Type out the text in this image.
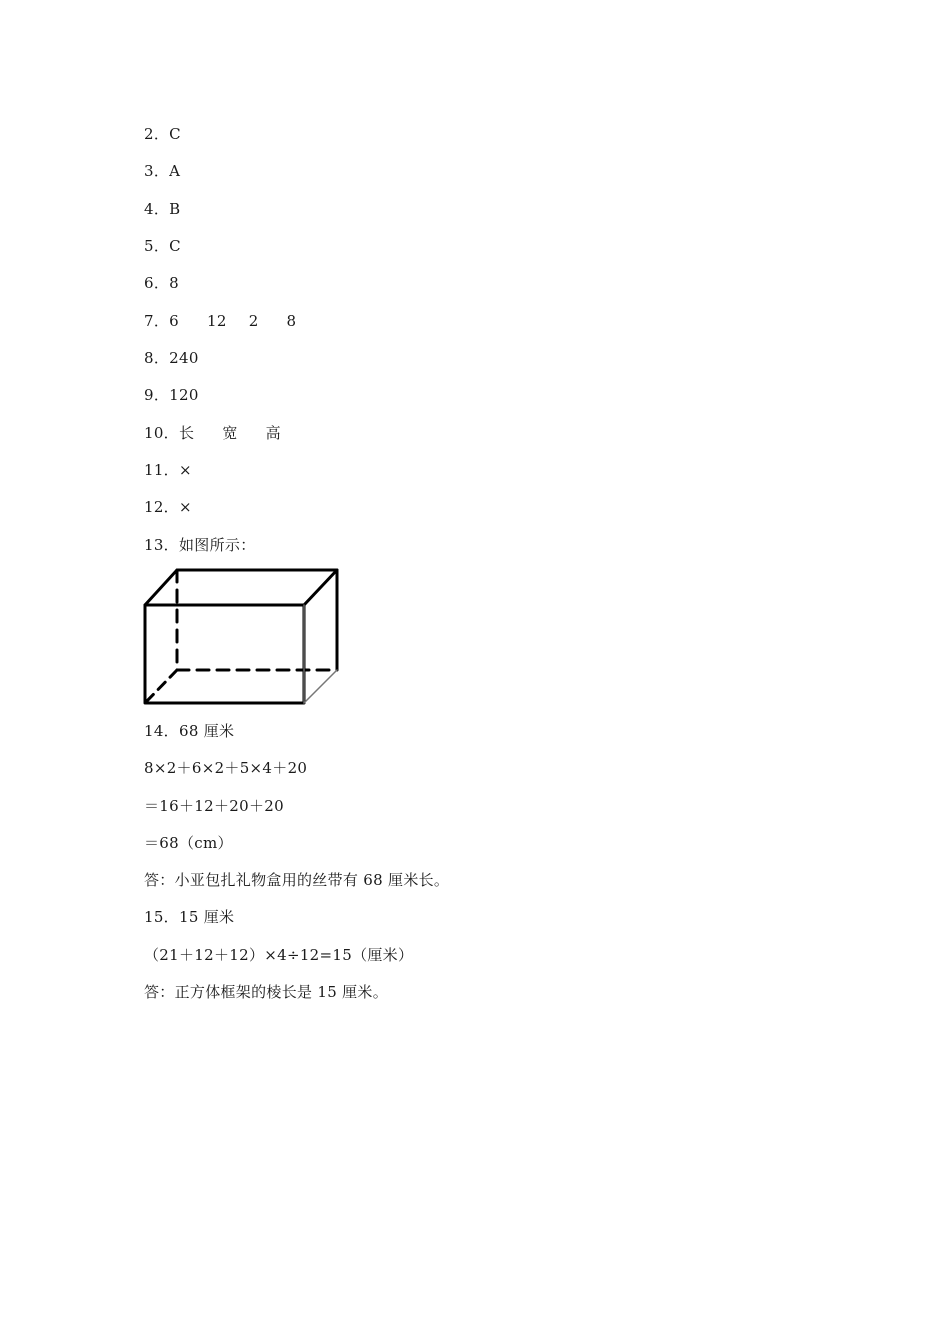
2．C
3．A
4．B
5．C
6．8
7．6 12 2 8
8．240
9．120
10．长 宽 高
11．×
12．×
13．如图所示：
14．68 厘米
8×2＋6×2＋5×4＋20
＝16＋12＋20＋20
＝68（cm）
答：小亚包扎礼物盒用的丝带有 68 厘米长。
15．15 厘米
（21＋12＋12）×4÷12=15（厘米）
答：正方体框架的棱长是 15 厘米。
